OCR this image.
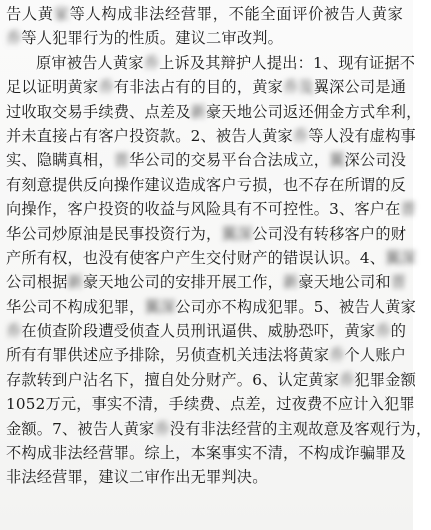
告人黄家等人构成非法经营罪，不能全面评价被告人黄家
乔等人犯罪行为的性质。建议二审改判。
原审被告人黄家乔上诉及其辩护人提出：1、现有证据不
足以证明黄家乔有非法占有的目的，黄家乔及翼深公司是通
过收取交易手续费、点差及新豪天地公司返还佣金方式牟利，
并未直接占有客户投资款。2、被告人黄家乔等人没有虚构事
实、隐瞒真相，晋华公司的交易平台合法成立，翼深公司没
有刻意提供反向操作建议造成客户亏损，也不存在所谓的反
向操作，客户投资的收益与风险具有不可控性。3、客户在晋
华公司炒原油是民事投资行为，翼深公司没有转移客户的财
产所有权，也没有使客户产生交付财产的错误认识。4、翼深
公司根据新豪天地公司的安排开展工作，新豪天地公司和晋
华公司不构成犯罪，翼深公司亦不构成犯罪。5、被告人黄家
乔在侦查阶段遭受侦查人员刑讯逼供、威胁恐吓，黄家乔的
所有有罪供述应予排除，另侦查机关违法将黄家乔个人账户
存款转到户沾名下，擅自处分财产。6、认定黄家乔犯罪金额
1052万元，事实不清，手续费、点差，过夜费不应计入犯罪
金额。7、被告人黄家乔没有非法经营的主观故意及客观行为，
不构成非法经营罪。综上，本案事实不清，不构成诈骗罪及
非法经营罪，建议二审作出无罪判决。
